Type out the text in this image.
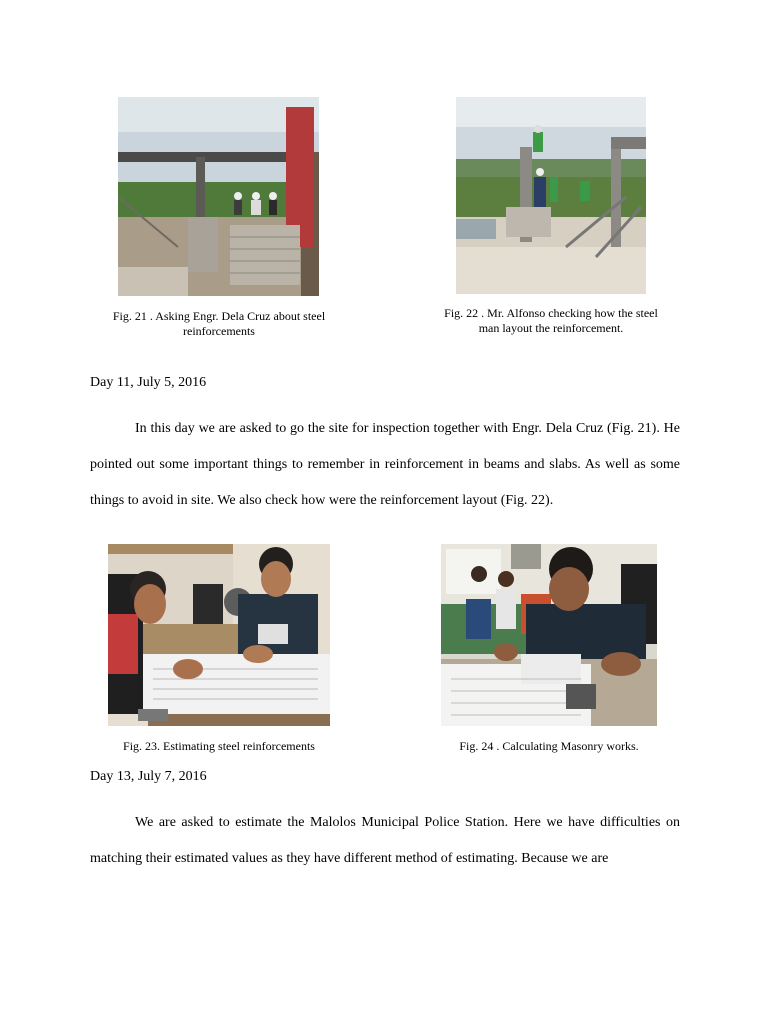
Fig. 21 . Asking Engr. Dela Cruz about steel
reinforcements
Fig. 22 . Mr. Alfonso checking how the steel
man layout the reinforcement.
Day 11, July 5, 2016
In this day we are asked to go the site for inspection together with Engr. Dela Cruz (Fig. 21). He pointed out some important things to remember in reinforcement in beams and slabs. As well as some things to avoid in site. We also check how were the reinforcement layout (Fig. 22).
Fig. 23. Estimating steel reinforcements	Fig. 24 . Calculating Masonry works.
Day 13, July 7, 2016
We are asked to estimate the Malolos Municipal Police Station. Here we have difficulties on matching their estimated values as they have different method of estimating. Because we are
